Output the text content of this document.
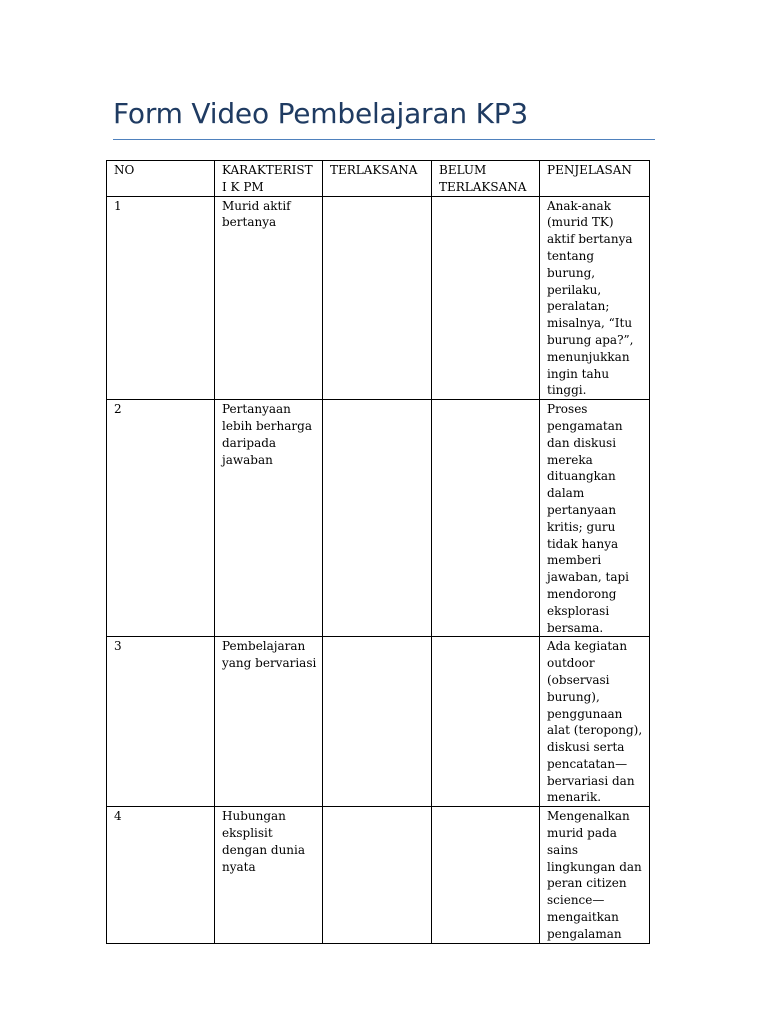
Form Video Pembelajaran KP3
NO	KARAKTERISTI K PM	TERLAKSANA	BELUM TERLAKSANA	PENJELASAN
1	Murid aktif bertanya			Anak-anak (murid TK) aktif bertanya tentang burung, perilaku, peralatan; misalnya, “Itu burung apa?”, menunjukkan ingin tahu tinggi.
2	Pertanyaan lebih berharga daripada jawaban			Proses pengamatan dan diskusi mereka dituangkan dalam pertanyaan kritis; guru tidak hanya memberi jawaban, tapi mendorong eksplorasi bersama.
3	Pembelajaran yang bervariasi			Ada kegiatan outdoor (observasi burung), penggunaan alat (teropong), diskusi serta pencatatan—bervariasi dan menarik.
4	Hubungan eksplisit dengan dunia nyata			Mengenalkan murid pada sains lingkungan dan peran citizen science—mengaitkan pengalaman
